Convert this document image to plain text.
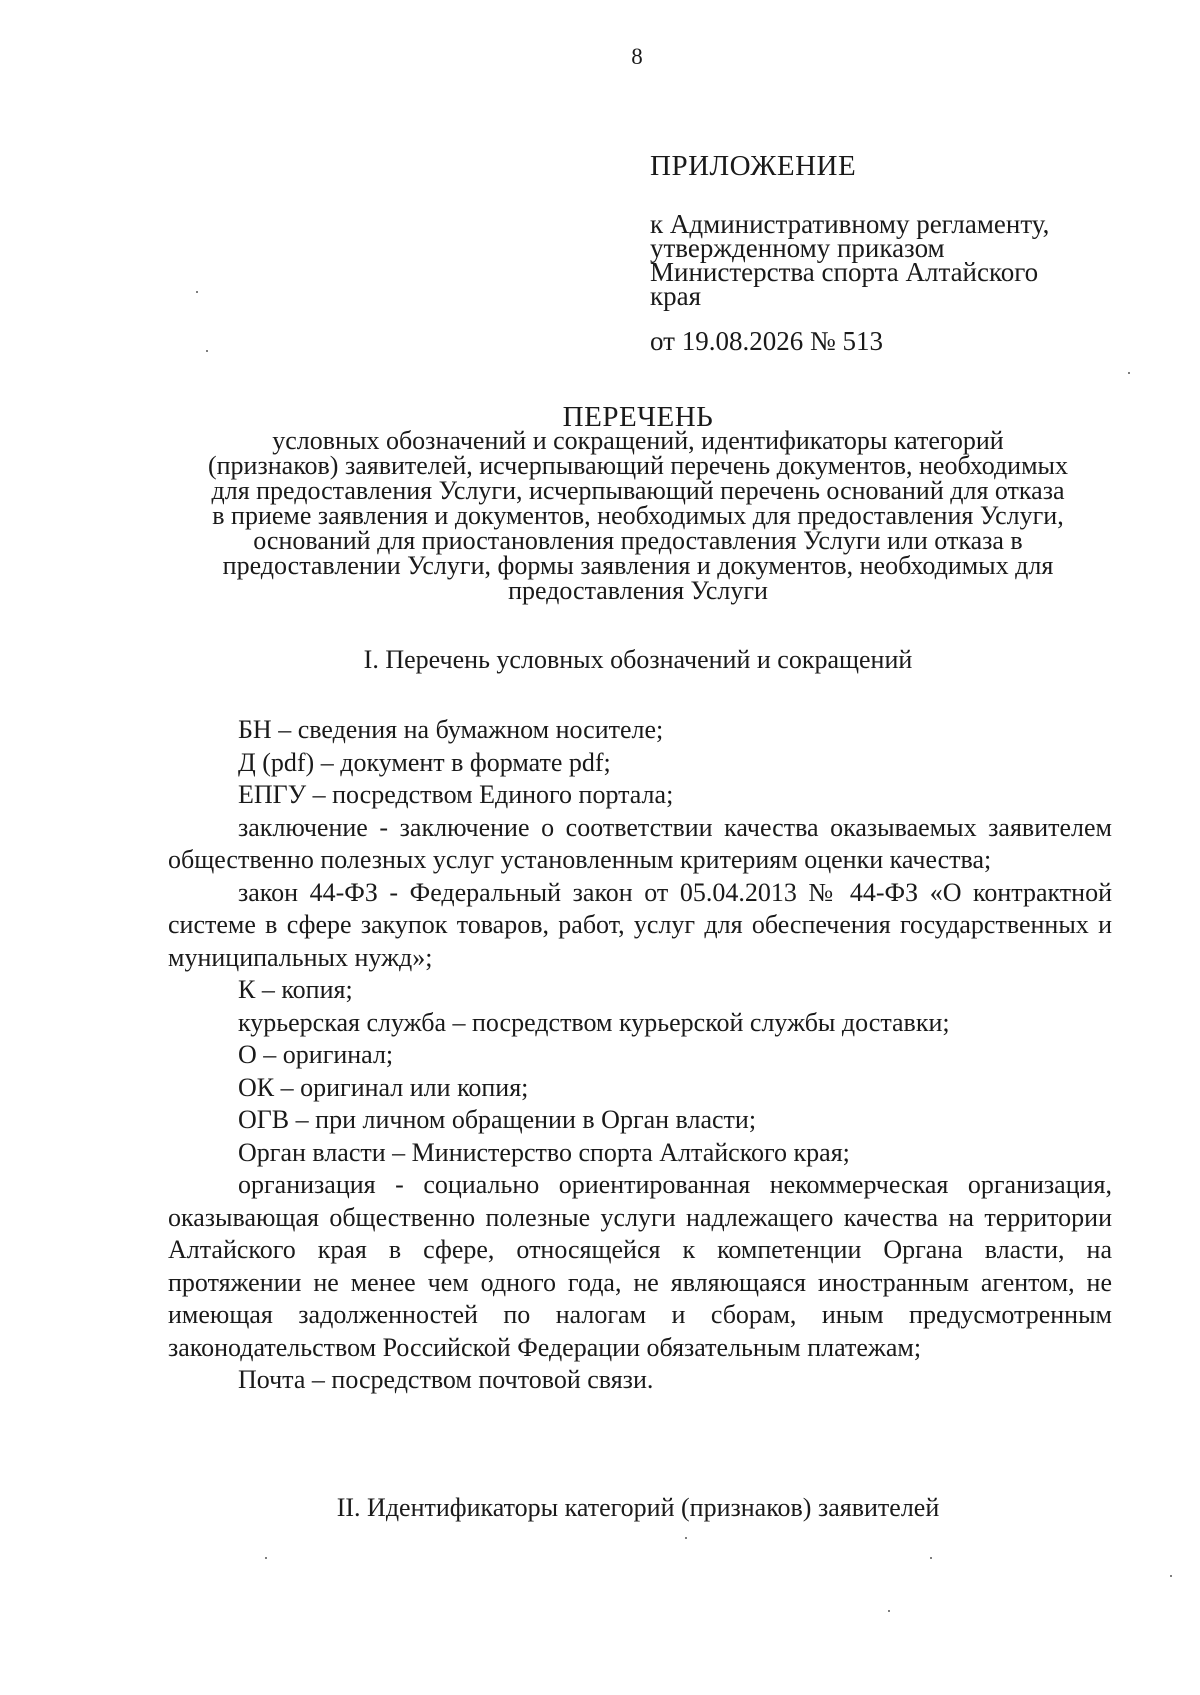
8
ПРИЛОЖЕНИЕ
к Административному регламенту,
утвержденному приказом
Министерства спорта Алтайского
края
от 19.08.2026 № 513
ПЕРЕЧЕНЬ
условных обозначений и сокращений, идентификаторы категорий
(признаков) заявителей, исчерпывающий перечень документов, необходимых
для предоставления Услуги, исчерпывающий перечень оснований для отказа
в приеме заявления и документов, необходимых для предоставления Услуги,
оснований для приостановления предоставления Услуги или отказа в
предоставлении Услуги, формы заявления и документов, необходимых для
предоставления Услуги
I. Перечень условных обозначений и сокращений
БН – сведения на бумажном носителе;
Д (pdf) – документ в формате pdf;
ЕПГУ – посредством Единого портала;
заключение - заключение о соответствии качества оказываемых заявителем общественно полезных услуг установленным критериям оценки качества;
закон 44-ФЗ - Федеральный закон от 05.04.2013 № 44-ФЗ «О контрактной системе в сфере закупок товаров, работ, услуг для обеспечения государственных и муниципальных нужд»;
К – копия;
курьерская служба – посредством курьерской службы доставки;
О – оригинал;
ОК – оригинал или копия;
ОГВ – при личном обращении в Орган власти;
Орган власти – Министерство спорта Алтайского края;
организация - социально ориентированная некоммерческая организация, оказывающая общественно полезные услуги надлежащего качества на территории Алтайского края в сфере, относящейся к компетенции Органа власти, на протяжении не менее чем одного года, не являющаяся иностранным агентом, не имеющая задолженностей по налогам и сборам, иным предусмотренным законодательством Российской Федерации обязательным платежам;
Почта – посредством почтовой связи.
II. Идентификаторы категорий (признаков) заявителей
